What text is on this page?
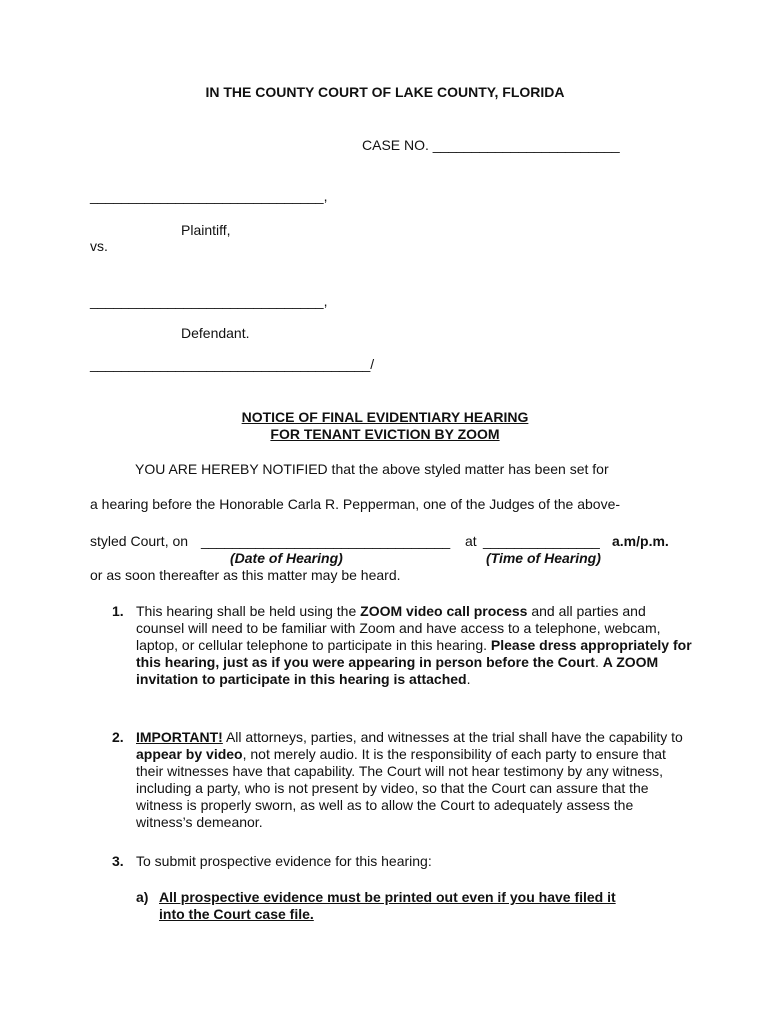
IN THE COUNTY COURT OF LAKE COUNTY, FLORIDA
CASE NO. ________________________
______________________________,
Plaintiff,
vs.
______________________________,
Defendant.
____________________________________/
NOTICE OF FINAL EVIDENTIARY HEARING
FOR TENANT EVICTION BY ZOOM
YOU ARE HEREBY NOTIFIED that the above styled matter has been set for
a hearing before the Honorable Carla R. Pepperman, one of the Judges of the above-
styled Court, on ________________________________ at _______________ a.m/p.m.
(Date of Hearing)	(Time of Hearing)
or as soon thereafter as this matter may be heard.
1. This hearing shall be held using the ZOOM video call process and all parties and counsel will need to be familiar with Zoom and have access to a telephone, webcam, laptop, or cellular telephone to participate in this hearing. Please dress appropriately for this hearing, just as if you were appearing in person before the Court. A ZOOM invitation to participate in this hearing is attached.
2. IMPORTANT! All attorneys, parties, and witnesses at the trial shall have the capability to appear by video, not merely audio. It is the responsibility of each party to ensure that their witnesses have that capability. The Court will not hear testimony by any witness, including a party, who is not present by video, so that the Court can assure that the witness is properly sworn, as well as to allow the Court to adequately assess the witness’s demeanor.
3. To submit prospective evidence for this hearing:
a) All prospective evidence must be printed out even if you have filed it
into the Court case file.
